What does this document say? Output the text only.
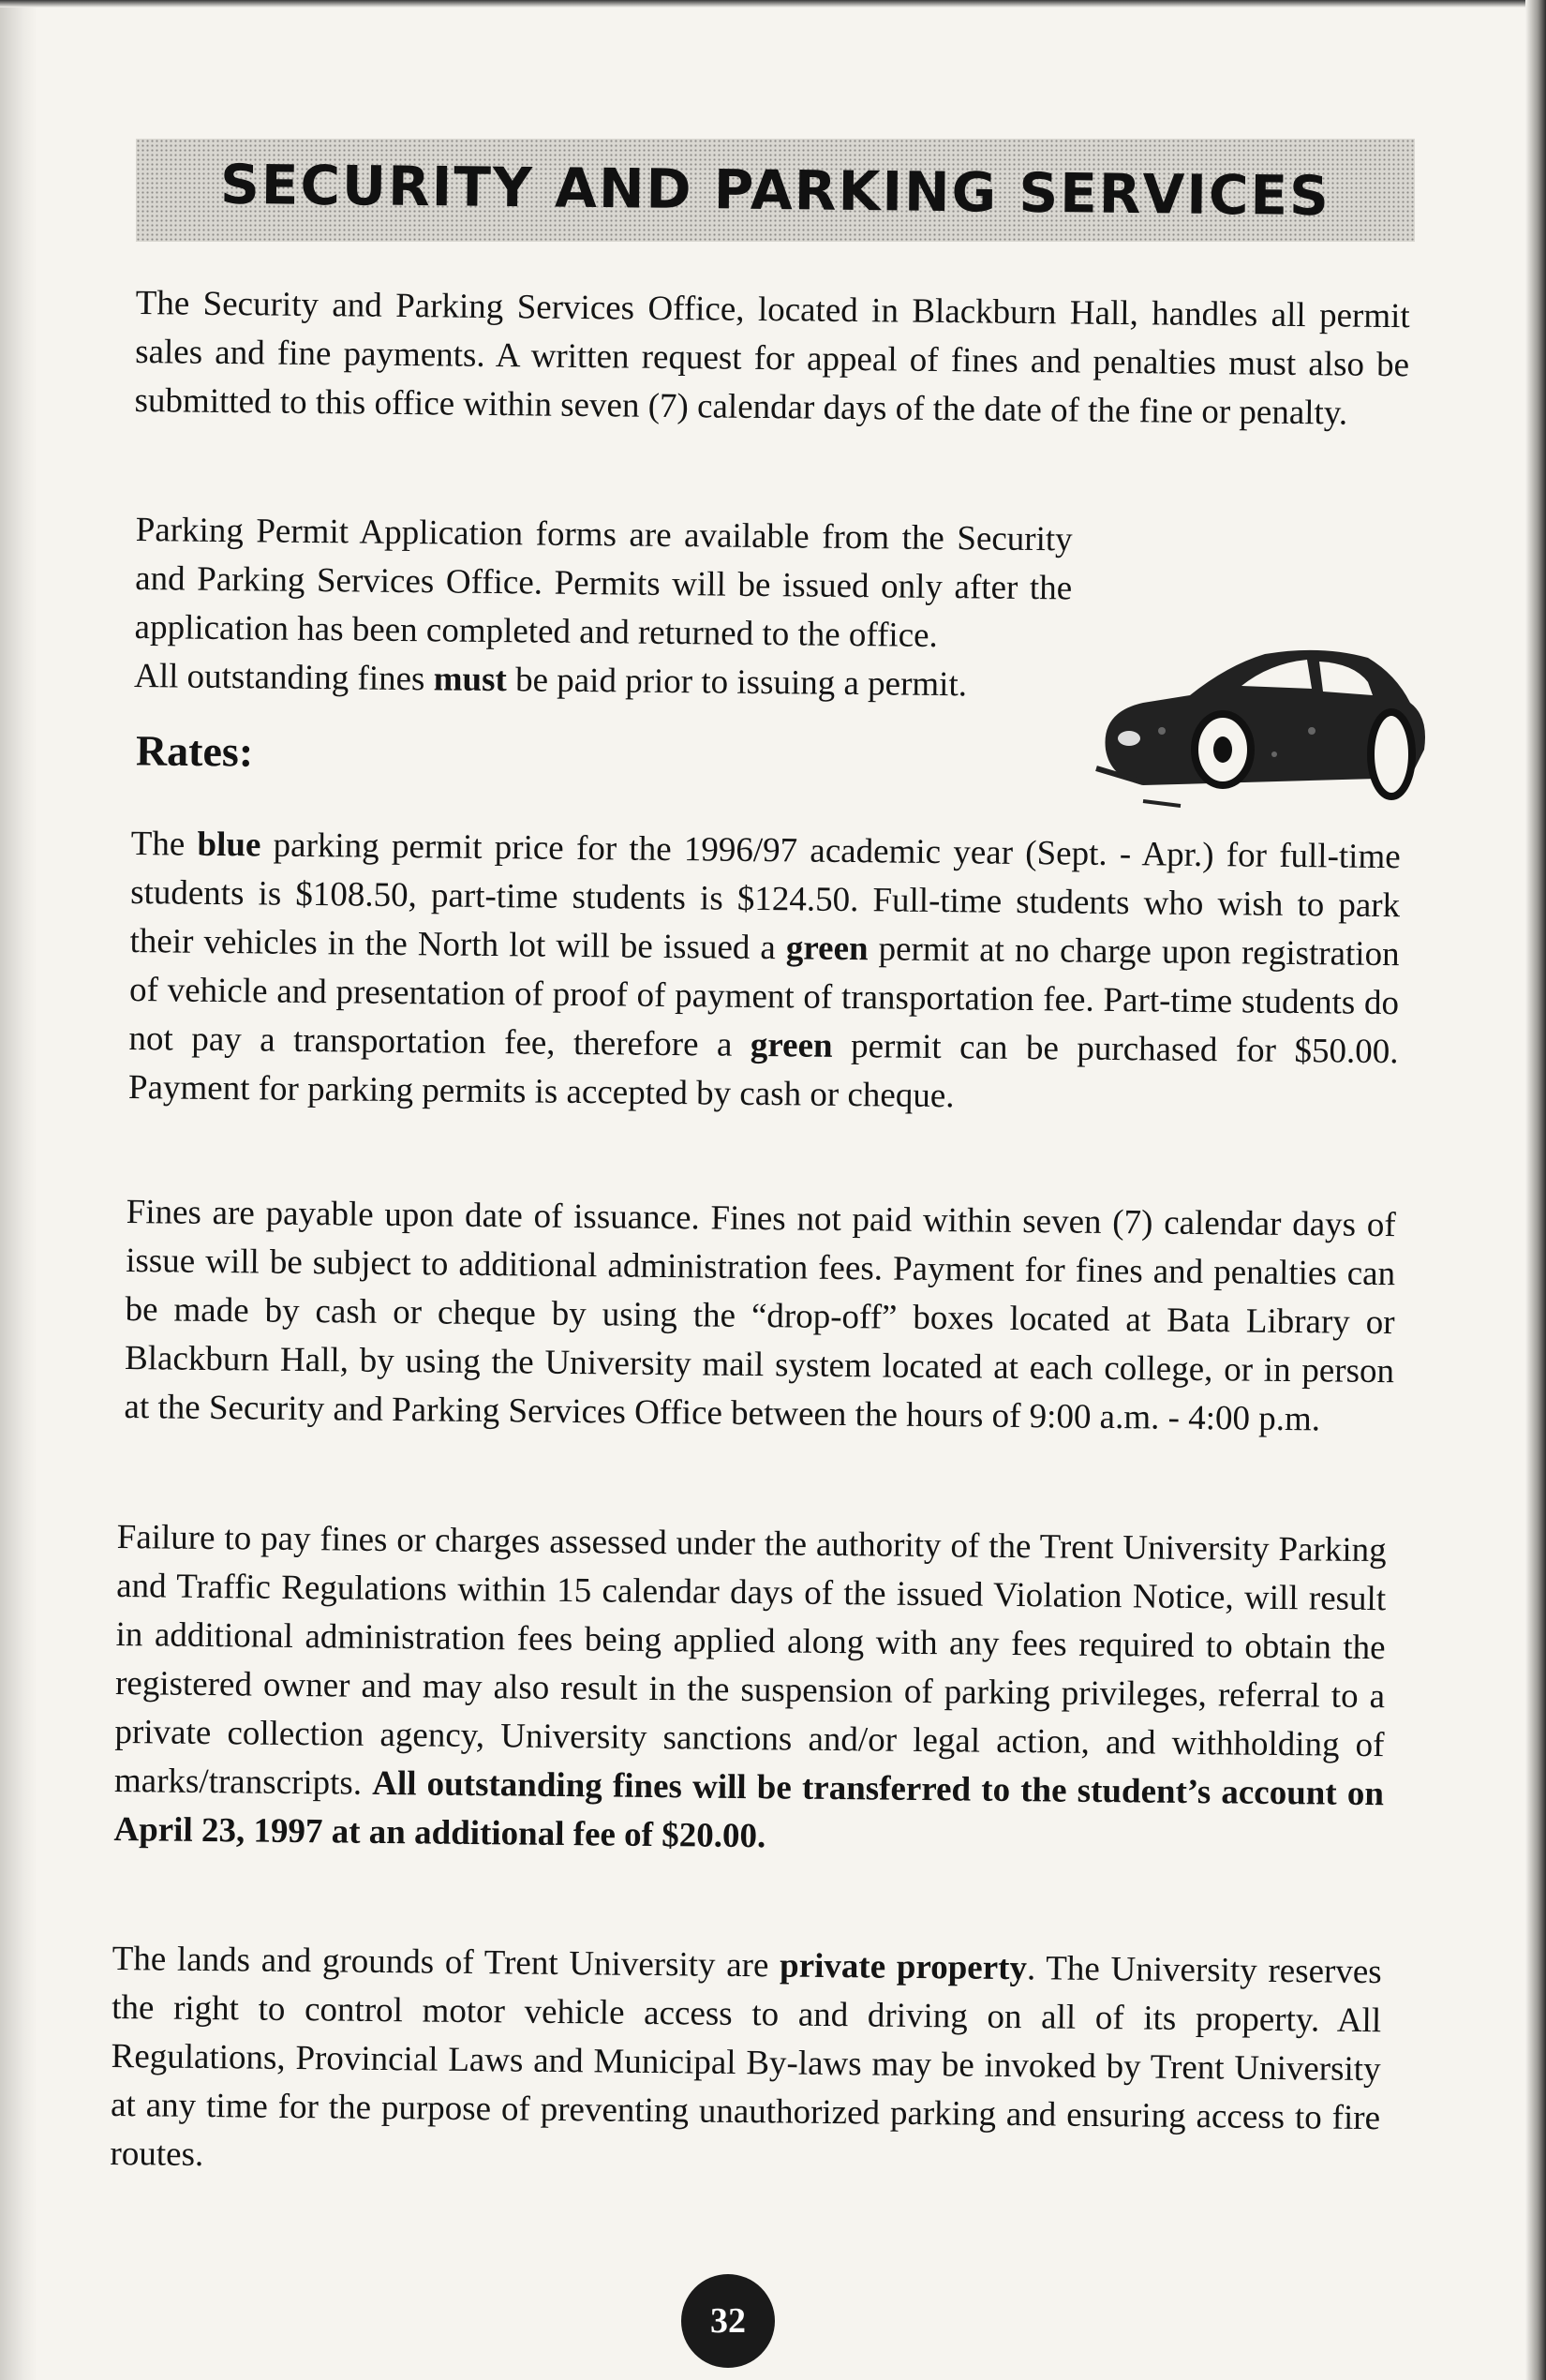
SECURITY AND PARKING SERVICES

The Security and Parking Services Office, located in Blackburn Hall, handles all permit sales and fine payments. A written request for appeal of fines and penalties must also be submitted to this office within seven (7) calendar days of the date of the fine or penalty.

Parking Permit Application forms are available from the Security and Parking Services Office. Permits will be issued only after the application has been completed and returned to the office.
All outstanding fines must be paid prior to issuing a permit.

Rates:

The blue parking permit price for the 1996/97 academic year (Sept. - Apr.) for full-time students is $108.50, part-time students is $124.50. Full-time students who wish to park their vehicles in the North lot will be issued a green permit at no charge upon registration of vehicle and presentation of proof of payment of transportation fee. Part-time students do not pay a transportation fee, therefore a green permit can be purchased for $50.00. Payment for parking permits is accepted by cash or cheque.

Fines are payable upon date of issuance. Fines not paid within seven (7) calendar days of issue will be subject to additional administration fees. Payment for fines and penalties can be made by cash or cheque by using the “drop-off” boxes located at Bata Library or Blackburn Hall, by using the University mail system located at each college, or in person at the Security and Parking Services Office between the hours of 9:00 a.m. - 4:00 p.m.

Failure to pay fines or charges assessed under the authority of the Trent University Parking and Traffic Regulations within 15 calendar days of the issued Violation Notice, will result in additional administration fees being applied along with any fees required to obtain the registered owner and may also result in the suspension of parking privileges, referral to a private collection agency, University sanctions and/or legal action, and withholding of marks/transcripts. All outstanding fines will be transferred to the student’s account on April 23, 1997 at an additional fee of $20.00.

The lands and grounds of Trent University are private property. The University reserves the right to control motor vehicle access to and driving on all of its property. All Regulations, Provincial Laws and Municipal By-laws may be invoked by Trent University at any time for the purpose of preventing unauthorized parking and ensuring access to fire routes.

32
